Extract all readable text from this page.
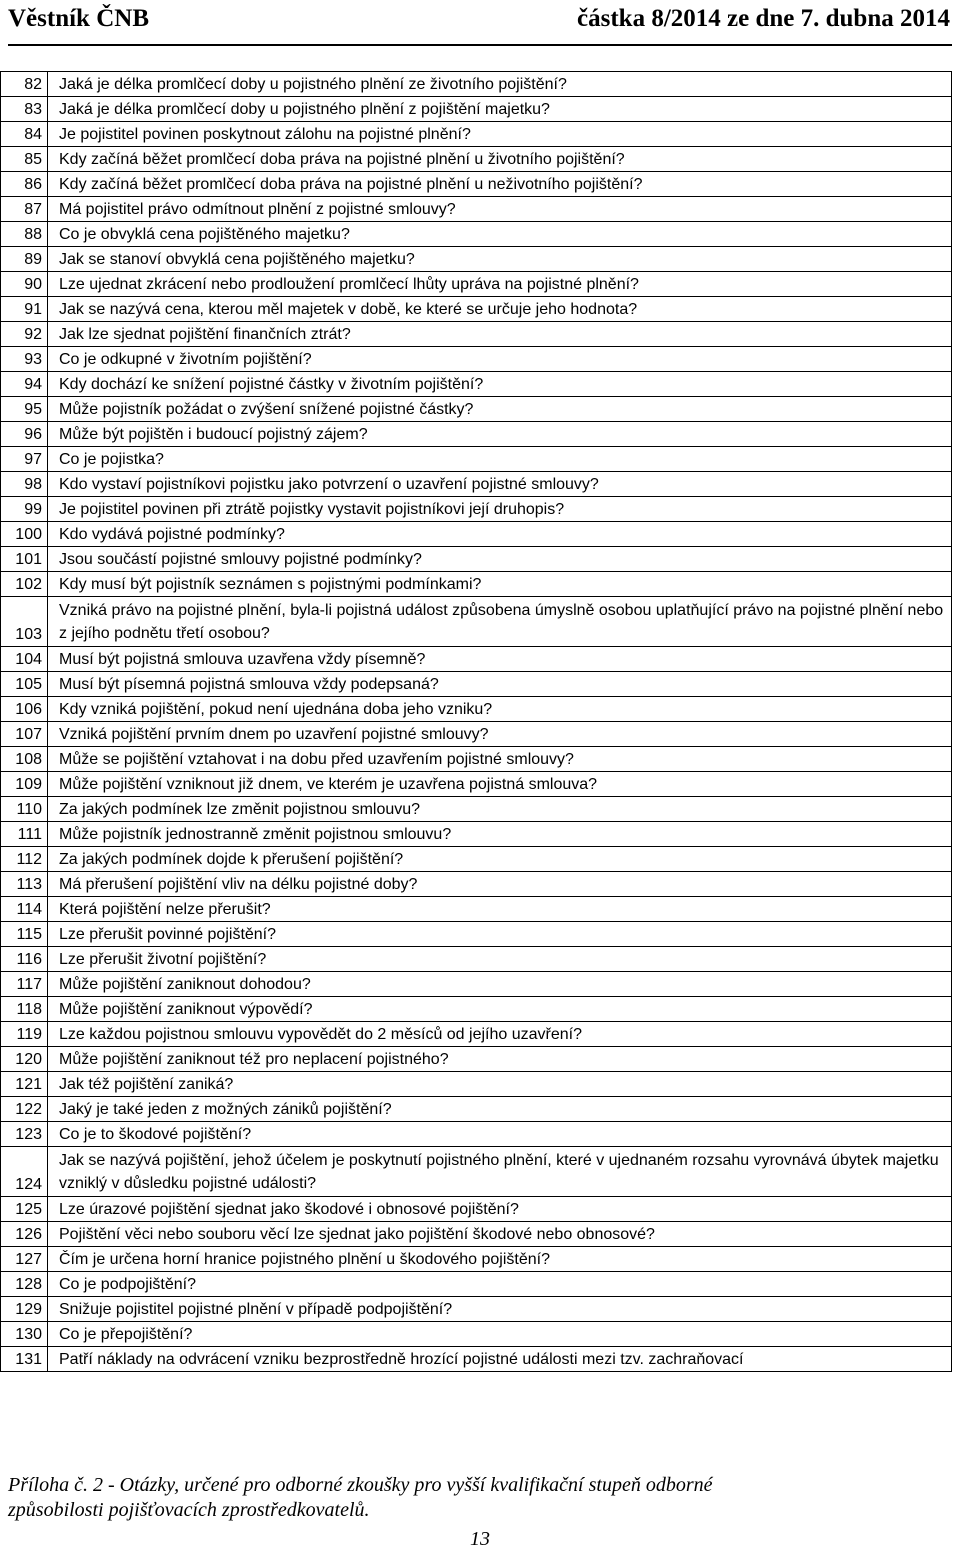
Věstník ČNB	částka 8/2014 ze dne 7. dubna 2014
82	Jaká je délka promlčecí doby u pojistného plnění ze životního pojištění?
83	Jaká je délka promlčecí doby u pojistného plnění z pojištění majetku?
84	Je pojistitel povinen poskytnout zálohu na pojistné plnění?
85	Kdy začíná běžet promlčecí doba práva na pojistné plnění u životního pojištění?
86	Kdy začíná běžet promlčecí doba práva na pojistné plnění u neživotního pojištění?
87	Má pojistitel právo odmítnout plnění z pojistné smlouvy?
88	Co je obvyklá cena pojištěného majetku?
89	Jak se stanoví obvyklá cena pojištěného majetku?
90	Lze ujednat zkrácení nebo prodloužení promlčecí lhůty upráva na pojistné plnění?
91	Jak se nazývá cena, kterou měl majetek v době, ke které se určuje jeho hodnota?
92	Jak lze sjednat pojištění finančních ztrát?
93	Co je odkupné v životním pojištění?
94	Kdy dochází ke snížení pojistné částky v životním pojištění?
95	Může pojistník požádat o zvýšení snížené pojistné částky?
96	Může být pojištěn i budoucí pojistný zájem?
97	Co je pojistka?
98	Kdo vystaví pojistníkovi pojistku jako potvrzení o uzavření pojistné smlouvy?
99	Je pojistitel povinen při ztrátě pojistky vystavit pojistníkovi její druhopis?
100	Kdo vydává pojistné podmínky?
101	Jsou součástí pojistné smlouvy pojistné podmínky?
102	Kdy musí být pojistník seznámen s pojistnými podmínkami?
103	Vzniká právo na pojistné plnění, byla-li pojistná událost způsobena úmyslně osobou uplatňující právo na pojistné plnění nebo z jejího podnětu třetí osobou?
104	Musí být pojistná smlouva uzavřena vždy písemně?
105	Musí být písemná pojistná smlouva vždy podepsaná?
106	Kdy vzniká pojištění, pokud není ujednána doba jeho vzniku?
107	Vzniká pojištění prvním dnem po uzavření pojistné smlouvy?
108	Může se pojištění vztahovat i na dobu před uzavřením pojistné smlouvy?
109	Může pojištění vzniknout již dnem, ve kterém je uzavřena pojistná smlouva?
110	Za jakých podmínek lze změnit pojistnou smlouvu?
111	Může pojistník jednostranně změnit pojistnou smlouvu?
112	Za jakých podmínek dojde k přerušení pojištění?
113	Má přerušení pojištění vliv na délku pojistné doby?
114	Která pojištění nelze přerušit?
115	Lze přerušit povinné pojištění?
116	Lze přerušit životní pojištění?
117	Může pojištění zaniknout dohodou?
118	Může pojištění zaniknout výpovědí?
119	Lze každou pojistnou smlouvu vypovědět do 2 měsíců od jejího uzavření?
120	Může pojištění zaniknout též pro neplacení pojistného?
121	Jak též pojištění zaniká?
122	Jaký je také jeden z možných zániků pojištění?
123	Co je to škodové pojištění?
124	Jak se nazývá pojištění, jehož účelem je poskytnutí pojistného plnění, které v ujednaném rozsahu vyrovnává úbytek majetku vzniklý v důsledku pojistné události?
125	Lze úrazové pojištění sjednat jako škodové i obnosové pojištění?
126	Pojištění věci nebo souboru věcí lze sjednat jako pojištění škodové nebo obnosové?
127	Čím je určena horní hranice pojistného plnění u škodového pojištění?
128	Co je podpojištění?
129	Snižuje pojistitel pojistné plnění v případě podpojištění?
130	Co je přepojištění?
131	Patří náklady na odvrácení vzniku bezprostředně hrozící pojistné události mezi tzv. zachraňovací
Příloha č. 2 - Otázky, určené pro odborné zkoušky pro vyšší kvalifikační stupeň odborné
způsobilosti pojišťovacích zprostředkovatelů.
13
